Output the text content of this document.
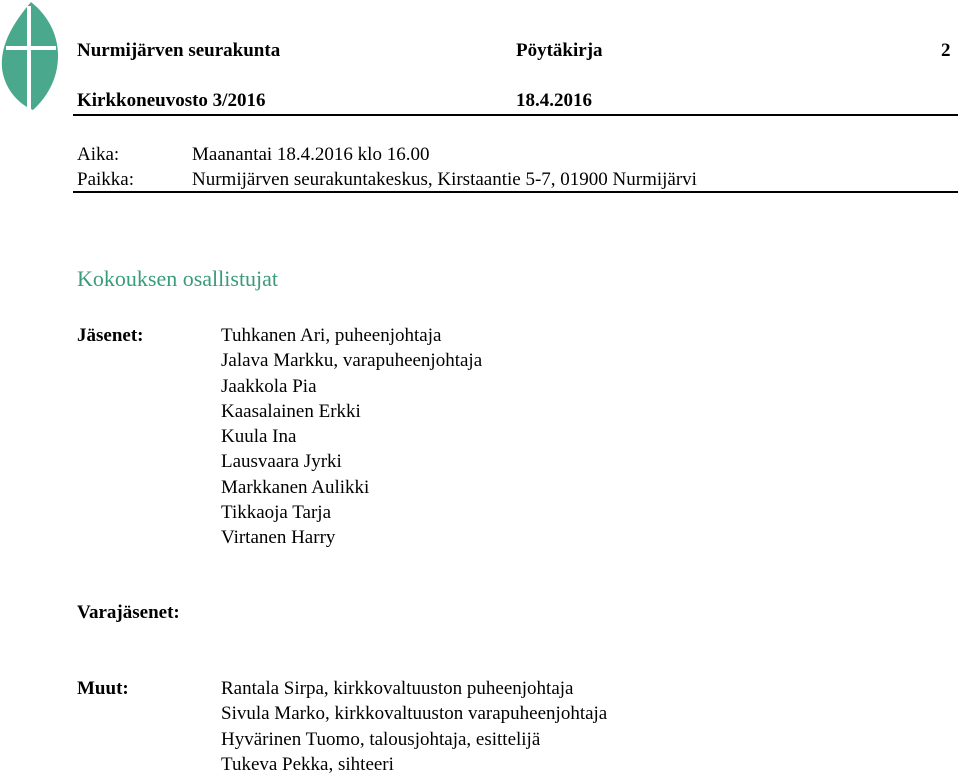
Nurmijärven seurakunta	Pöytäkirja	2
Kirkkoneuvosto 3/2016	18.4.2016
Aika:	Maanantai 18.4.2016 klo 16.00
Paikka:	Nurmijärven seurakuntakeskus, Kirstaantie 5-7, 01900 Nurmijärvi
Kokouksen osallistujat
Jäsenet:	Tuhkanen Ari, puheenjohtaja
Jalava Markku, varapuheenjohtaja
Jaakkola Pia
Kaasalainen Erkki
Kuula Ina
Lausvaara Jyrki
Markkanen Aulikki
Tikkaoja Tarja
Virtanen Harry
Varajäsenet:
Muut:	Rantala Sirpa, kirkkovaltuuston puheenjohtaja
Sivula Marko, kirkkovaltuuston varapuheenjohtaja
Hyvärinen Tuomo, talousjohtaja, esittelijä
Tukeva Pekka, sihteeri
